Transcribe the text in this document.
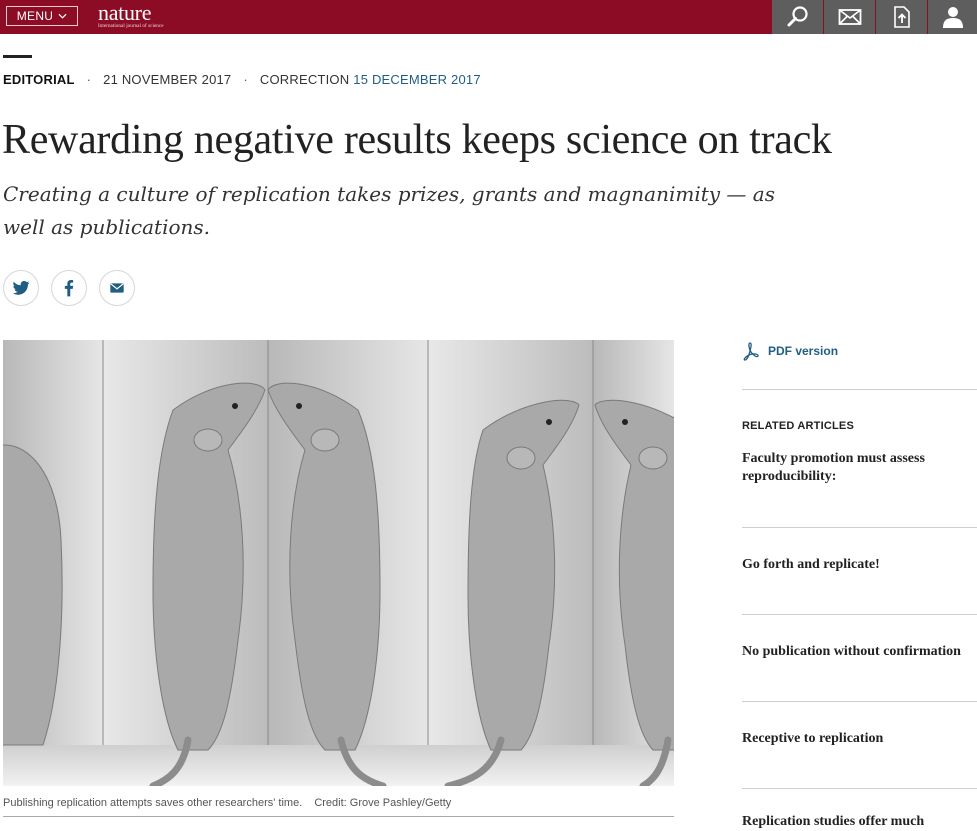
MENU nature
International journal of science
EDITORIAL · 21 NOVEMBER 2017 · CORRECTION 15 DECEMBER 2017
Rewarding negative results keeps science on track

Creating a culture of replication takes prizes, grants and magnanimity — as well as publications.

Publishing replication attempts saves other researchers' time. Credit: Grove Pashley/Getty
PDF version
RELATED ARTICLES
Faculty promotion must assess reproducibility:
Go forth and replicate!
No publication without confirmation
Receptive to replication
Replication studies offer much
